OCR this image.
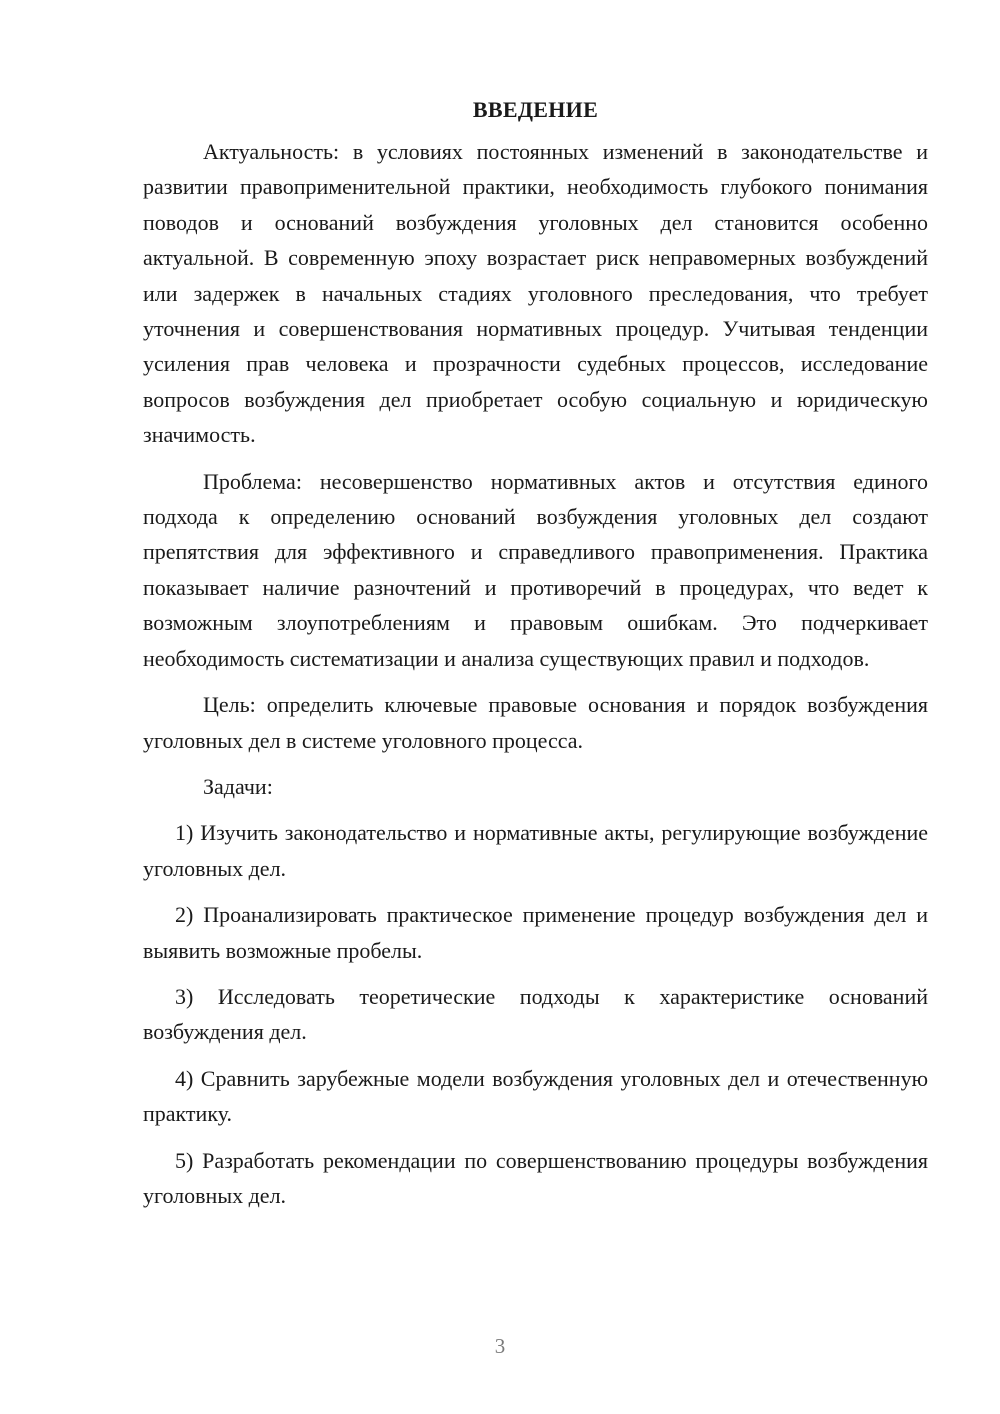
ВВЕДЕНИЕ

Актуальность: в условиях постоянных изменений в законодательстве и развитии правоприменительной практики, необходимость глубокого понимания поводов и оснований возбуждения уголовных дел становится особенно актуальной. В современную эпоху возрастает риск неправомерных возбуждений или задержек в начальных стадиях уголовного преследования, что требует уточнения и совершенствования нормативных процедур. Учитывая тенденции усиления прав человека и прозрачности судебных процессов, исследование вопросов возбуждения дел приобретает особую социальную и юридическую значимость.

Проблема: несовершенство нормативных актов и отсутствия единого подхода к определению оснований возбуждения уголовных дел создают препятствия для эффективного и справедливого правоприменения. Практика показывает наличие разночтений и противоречий в процедурах, что ведет к возможным злоупотреблениям и правовым ошибкам. Это подчеркивает необходимость систематизации и анализа существующих правил и подходов.

Цель: определить ключевые правовые основания и порядок возбуждения уголовных дел в системе уголовного процесса.

Задачи:

1) Изучить законодательство и нормативные акты, регулирующие возбуждение уголовных дел.

2) Проанализировать практическое применение процедур возбуждения дел и выявить возможные пробелы.

3) Исследовать теоретические подходы к характеристике оснований возбуждения дел.

4) Сравнить зарубежные модели возбуждения уголовных дел и отечественную практику.

5) Разработать рекомендации по совершенствованию процедуры возбуждения уголовных дел.

3
